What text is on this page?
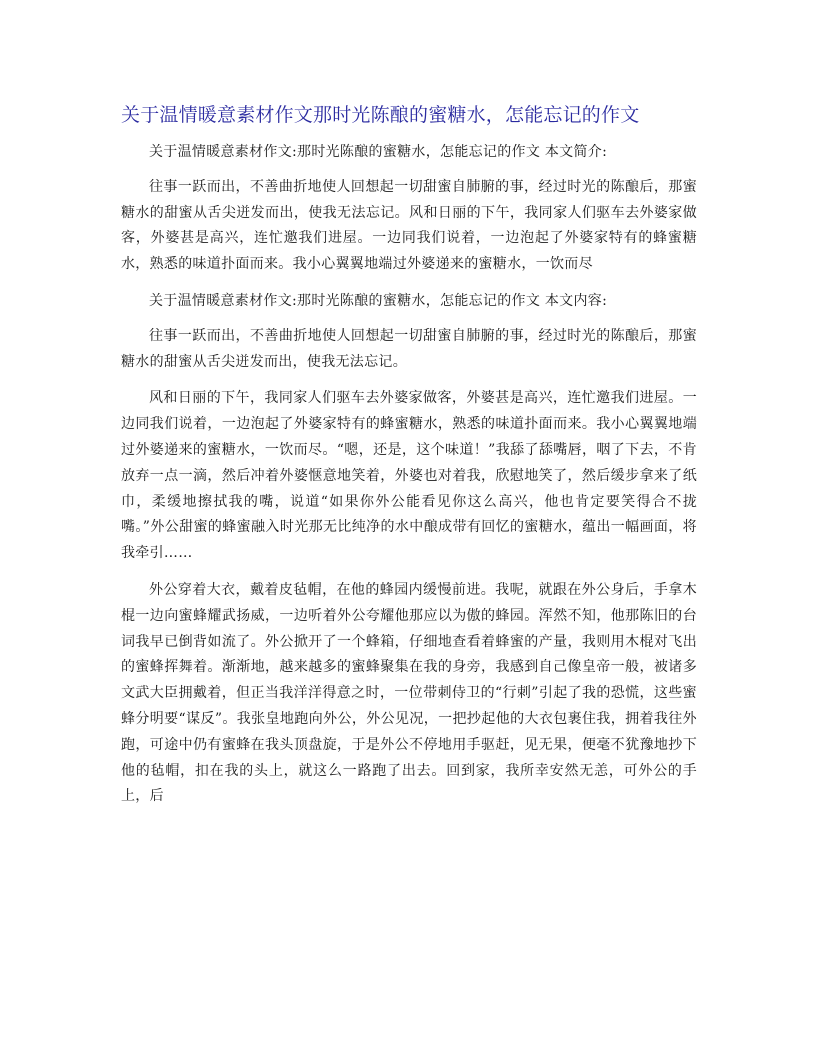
关于温情暖意素材作文那时光陈酿的蜜糖水，怎能忘记的作文

关于温情暖意素材作文:那时光陈酿的蜜糖水，怎能忘记的作文 本文简介:

往事一跃而出，不善曲折地使人回想起一切甜蜜自肺腑的事，经过时光的陈酿后，那蜜糖水的甜蜜从舌尖迸发而出，使我无法忘记。风和日丽的下午，我同家人们驱车去外婆家做客，外婆甚是高兴，连忙邀我们进屋。一边同我们说着，一边泡起了外婆家特有的蜂蜜糖水，熟悉的味道扑面而来。我小心翼翼地端过外婆递来的蜜糖水，一饮而尽

关于温情暖意素材作文:那时光陈酿的蜜糖水，怎能忘记的作文 本文内容:

往事一跃而出，不善曲折地使人回想起一切甜蜜自肺腑的事，经过时光的陈酿后，那蜜糖水的甜蜜从舌尖迸发而出，使我无法忘记。

风和日丽的下午，我同家人们驱车去外婆家做客，外婆甚是高兴，连忙邀我们进屋。一边同我们说着，一边泡起了外婆家特有的蜂蜜糖水，熟悉的味道扑面而来。我小心翼翼地端过外婆递来的蜜糖水，一饮而尽。“嗯，还是，这个味道！”我舔了舔嘴唇，咽了下去，不肯放弃一点一滴，然后冲着外婆惬意地笑着，外婆也对着我，欣慰地笑了，然后缓步拿来了纸巾，柔缓地擦拭我的嘴，说道“如果你外公能看见你这么高兴，他也肯定要笑得合不拢嘴。”外公甜蜜的蜂蜜融入时光那无比纯净的水中酿成带有回忆的蜜糖水，蕴出一幅画面，将我牵引……

外公穿着大衣，戴着皮毡帽，在他的蜂园内缓慢前进。我呢，就跟在外公身后，手拿木棍一边向蜜蜂耀武扬威，一边听着外公夸耀他那应以为傲的蜂园。浑然不知，他那陈旧的台词我早已倒背如流了。外公掀开了一个蜂箱，仔细地查看着蜂蜜的产量，我则用木棍对飞出的蜜蜂挥舞着。渐渐地，越来越多的蜜蜂聚集在我的身旁，我感到自己像皇帝一般，被诸多文武大臣拥戴着，但正当我洋洋得意之时，一位带刺侍卫的“行刺”引起了我的恐慌，这些蜜蜂分明要“谋反”。我张皇地跑向外公，外公见况，一把抄起他的大衣包裹住我，拥着我往外跑，可途中仍有蜜蜂在我头顶盘旋，于是外公不停地用手驱赶，见无果，便毫不犹豫地抄下他的毡帽，扣在我的头上，就这么一路跑了出去。回到家，我所幸安然无恙，可外公的手上，后
